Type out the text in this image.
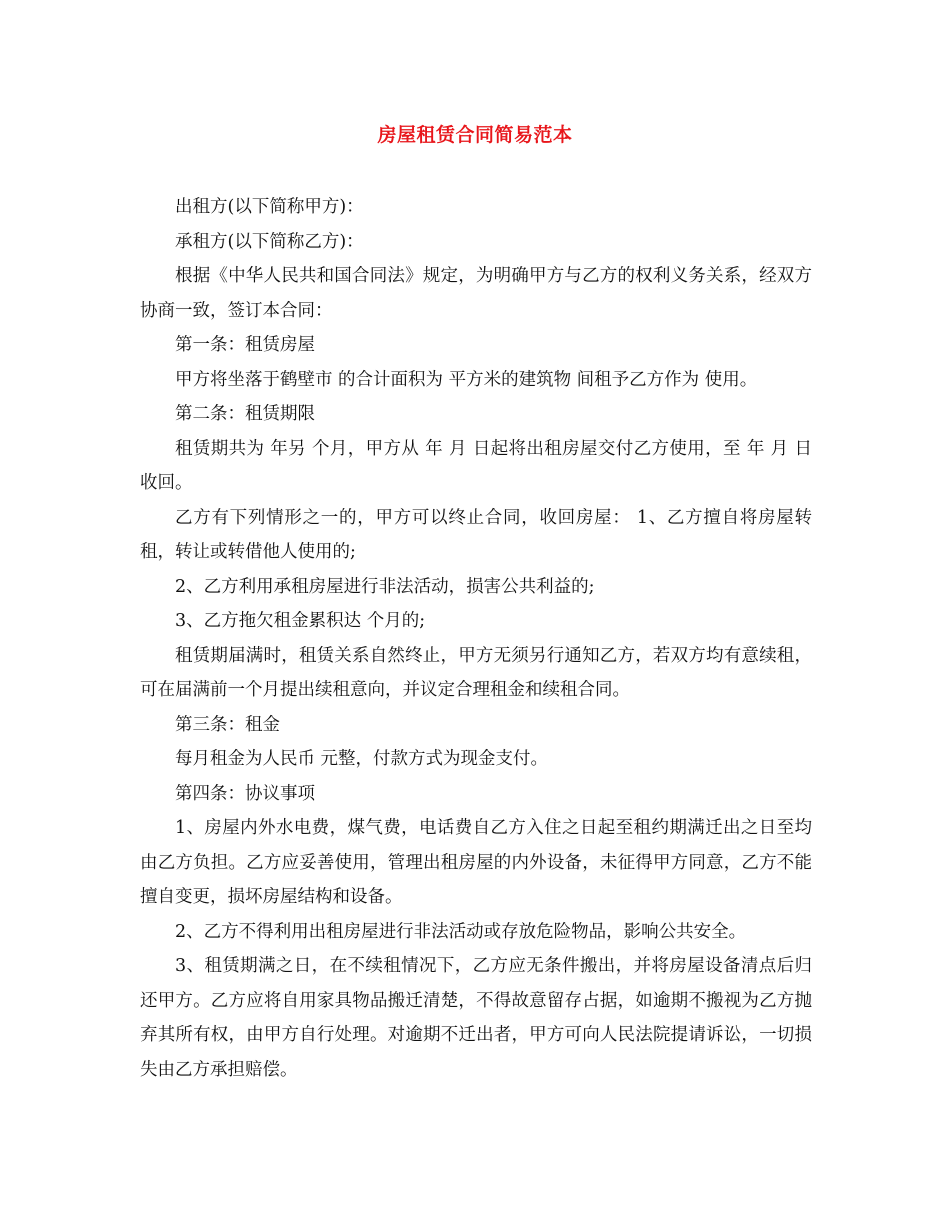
房屋租赁合同简易范本

出租方(以下简称甲方)：

承租方(以下简称乙方)：

根据《中华人民共和国合同法》规定，为明确甲方与乙方的权利义务关系，经双方协商一致，签订本合同：

第一条：租赁房屋

甲方将坐落于鹤壁市 的合计面积为 平方米的建筑物 间租予乙方作为 使用。

第二条：租赁期限

租赁期共为 年另 个月，甲方从 年 月 日起将出租房屋交付乙方使用，至 年 月 日收回。

乙方有下列情形之一的，甲方可以终止合同，收回房屋： 1、乙方擅自将房屋转租，转让或转借他人使用的;

2、乙方利用承租房屋进行非法活动，损害公共利益的;

3、乙方拖欠租金累积达 个月的;

租赁期届满时，租赁关系自然终止，甲方无须另行通知乙方，若双方均有意续租，可在届满前一个月提出续租意向，并议定合理租金和续租合同。

第三条：租金

每月租金为人民币 元整，付款方式为现金支付。

第四条：协议事项

1、房屋内外水电费，煤气费，电话费自乙方入住之日起至租约期满迁出之日至均由乙方负担。乙方应妥善使用，管理出租房屋的内外设备，未征得甲方同意，乙方不能擅自变更，损坏房屋结构和设备。

2、乙方不得利用出租房屋进行非法活动或存放危险物品，影响公共安全。

3、租赁期满之日，在不续租情况下，乙方应无条件搬出，并将房屋设备清点后归还甲方。乙方应将自用家具物品搬迁清楚，不得故意留存占据，如逾期不搬视为乙方抛弃其所有权，由甲方自行处理。对逾期不迁出者，甲方可向人民法院提请诉讼，一切损失由乙方承担赔偿。
